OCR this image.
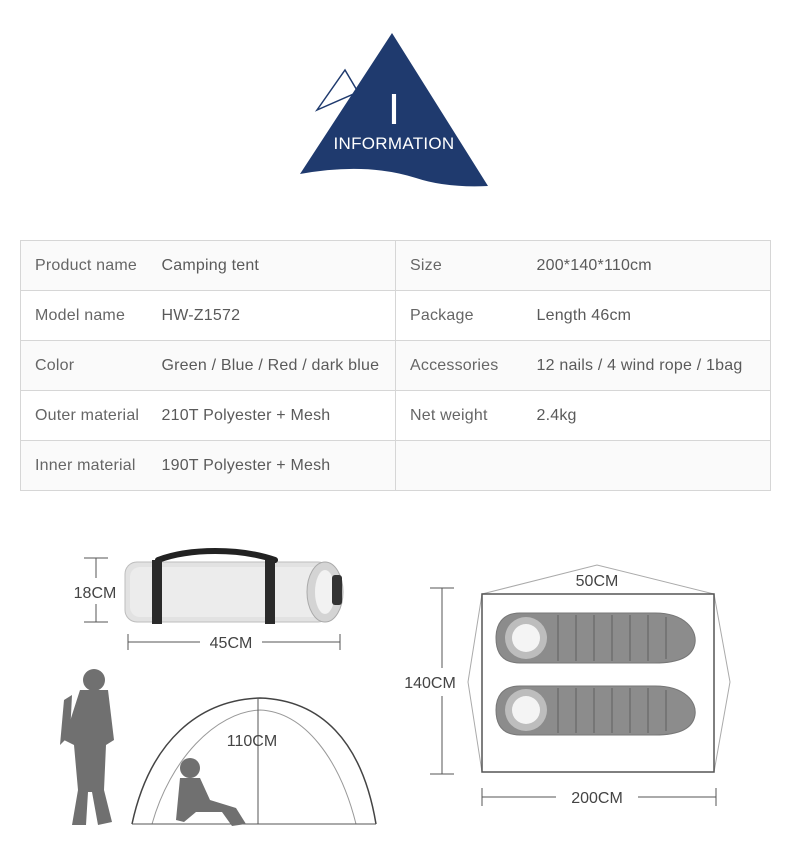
I
INFORMATION
Product name	Camping tent	Size	200*140*110cm
Model name	HW-Z1572	Package	Length 46cm
Color	Green / Blue / Red / dark blue	Accessories	12 nails / 4 wind rope / 1bag
Outer material	210T Polyester + Mesh	Net weight	2.4kg
Inner material	190T Polyester + Mesh		
18CM
45CM
110CM
50CM
140CM
200CM
